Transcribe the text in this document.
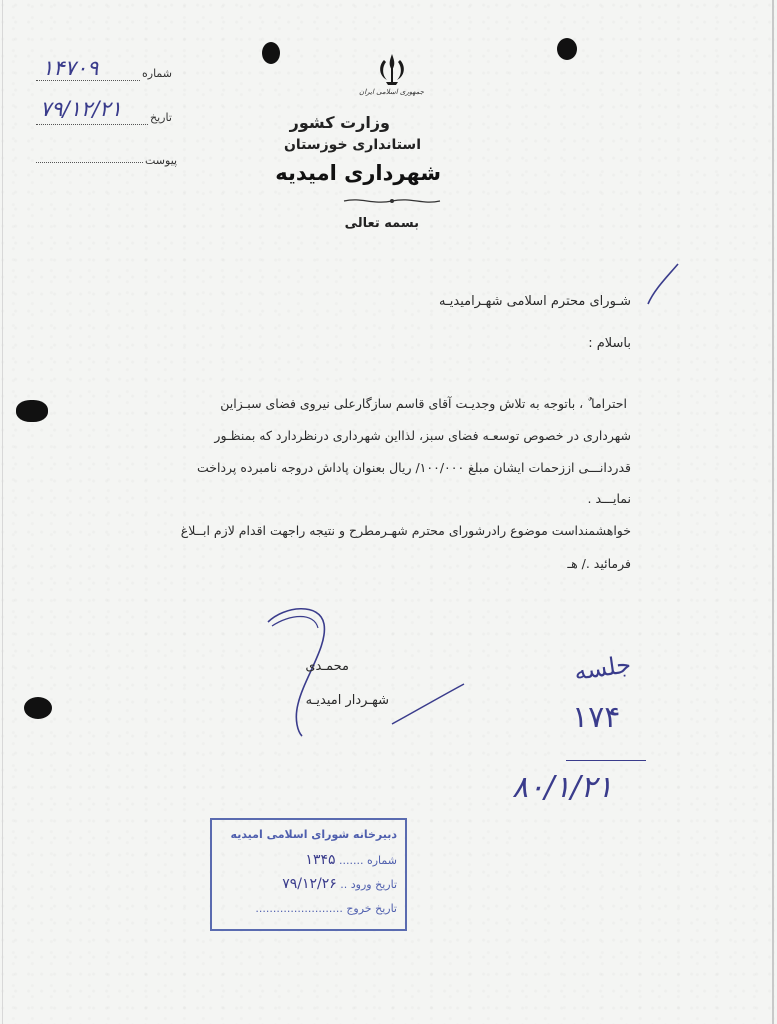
جمهوری اسلامی ایران
وزارت کشور
استانداری خوزستان
شهرداری امیدیه
بسمه تعالی
شماره
۱۴۷۰۹
تاریخ
۷۹/۱۲/۲۱
پیوست
شـورای محترم اسلامی شهـرامیدیـه
باسلام :
احتراما ٌ ، باتوجه به تلاش وجدیـت آقای قاسم سازگارعلی نیروی فضای سبـزاین
شهرداری در خصوص توسعـه فضای سبز، لذااین شهرداری درنظردارد که بمنظـور
قدردانـــی اززحمات ایشان مبلغ ۱۰۰/۰۰۰/ ریال بعنوان پاداش دروجه نامبرده پرداخت
نمایـــد .
خواهشمنداست موضوع رادرشورای محترم شهـرمطرح و نتیجه راجهت اقدام لازم ابــلاغ
فرمائید ./ هـ
محمـدی
شهـردار امیدیـه
جلسه
۱۷۴
۸۰/۱/۲۱
دبیرخانه شورای اسلامی امیدیه
شماره ....... ۱۳۴۵
تاریخ ورود .. ۷۹/۱۲/۲۶
تاریخ خروج .........................
